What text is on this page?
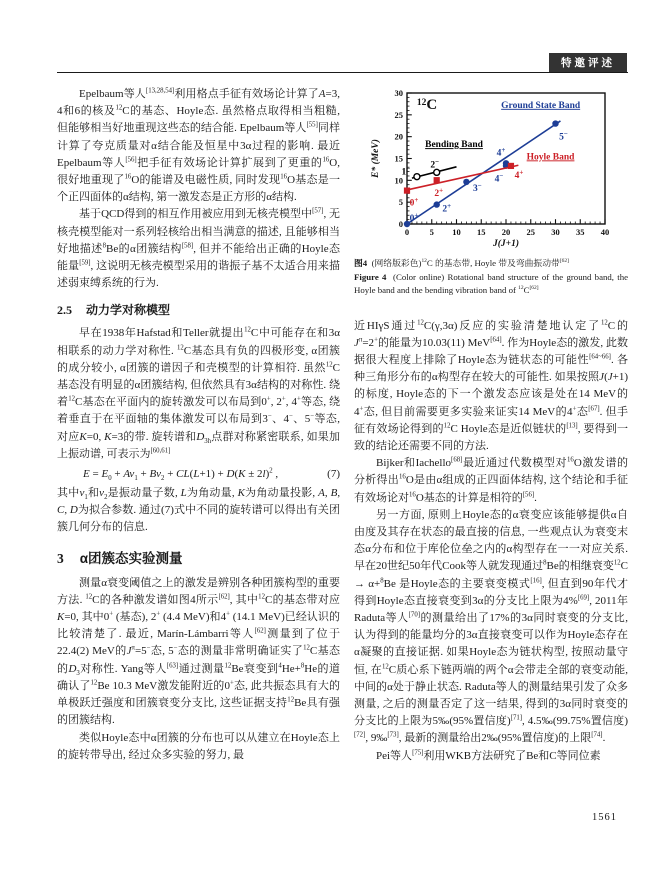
特邀评述

Epelbaum等人[13,28,54]利用格点手征有效场论计算了A=3, 4和6的核及$^{12}$C的基态、Hoyle态. 虽然格点取得相当粗糙, 但能够相当好地重现这些态的结合能. Epelbaum等人[55]同样计算了夸克质量对α结合能及恒星中3α过程的影响. 最近Epelbaum等人[56]把手征有效场论计算扩展到了更重的$^{16}$O, 很好地重现了$^{16}$O的能谱及电磁性质, 同时发现$^{16}$O基态是一个正四面体的α结构, 第一激发态是正方形的α结构.

基于QCD得到的相互作用被应用到无核壳模型中[57], 无核壳模型能对一系列轻核给出相当满意的描述, 且能够相当好地描述$^8$Be的α团簇结构[58], 但并不能给出正确的Hoyle态能量[59], 这说明无核壳模型采用的谐振子基不太适合用来描述弱束缚系统的行为.

2.5 动力学对称模型

早在1938年Hafstad和Teller就提出$^{12}$C中可能存在和3α相联系的动力学对称性. $^{12}$C基态具有负的四极形变, α团簇的成分较小, α团簇的谱因子和壳模型的计算相符. 虽然$^{12}$C基态没有明显的α团簇结构, 但依然具有3α结构的对称性. 绕着$^{12}$C基态在平面内的旋转激发可以布局到0+, 2+, 4+等态, 绕着垂直于在平面轴的集体激发可以布局到3−、4−、5−等态, 对应K=0, K=3的带. 旋转谱和$D_{3h}$点群对称紧密联系, 如果加上振动谱, 可表示为[60,61]

$E = E_0 + Av_1 + Bv_2 + CL(L+1) + D(K \pm 2l)^2$ ,	(7)

其中$v_1$和$v_2$是振动量子数, L为角动量, K为角动量投影, A, B, C, D为拟合参数. 通过(7)式中不同的旋转谱可以得出有关团簇几何分布的信息.

3 α团簇态实验测量

测量α衰变阈值之上的激发是辨别各种团簇构型的重要方法. $^{12}$C的各种激发谱如图4所示[62], 其中$^{12}$C的基态带对应K=0, 其中0+ (基态), 2+ (4.4 MeV)和4+ (14.1 MeV)已经认识的比较清楚了. 最近, Marín-Lámbarri等人[62]测量到了位于22.4(2) MeV的$J^\pi=5^-$态, 5−态的测量非常明确证实了$^{12}$C基态的$D_3$对称性. Yang等人[63]通过测量$^{12}$Be衰变到$^4$He+$^8$He的道确认了$^{12}$Be 10.3 MeV激发能附近的0+态, 此共振态具有大的单极跃迁强度和团簇衰变分支比, 这些证据支持$^{12}$Be具有强的团簇结构.

类似Hoyle态中α团簇的分布也可以从建立在Hoyle态上的旋转带导出, 经过众多实验的努力, 最

0 5 10 15 20 25 30 35 40
0
5
10
15
20
25
30
J(J+1)
E* (MeV)
0+
2+
3−
4+
4−
5−
0+
2+
4+
1− 2−
Ground State Band
Bending Band
Hoyle Band
12C
图4 (网络版彩色)$^{12}$C 的基态带, Hoyle 带及弯曲振动带[62]
Figure 4 (Color online) Rotational band structure of the ground band, the Hoyle band and the bending vibration band of $^{12}$C[62]

近HIγS通过$^{12}$C(γ,3α)反应的实验清楚地认定了$^{12}$C的$J^\pi=2^+$的能量为10.03(11) MeV[64]. 作为Hoyle态的激发, 此数据很大程度上排除了Hoyle态为链状态的可能性[64~66]. 各种三角形分布的α构型存在较大的可能性. 如果按照J(J+1)的标度, Hoyle态的下一个激发态应该是处在14 MeV的4+态, 但目前需要更多实验来证实14 MeV的4+态[67]. 但手征有效场论得到的$^{12}$C Hoyle态是近似链状的[13], 要得到一致的结论还需要不同的方法.

Bijker和Iachello[68]最近通过代数模型对$^{16}$O激发谱的分析得出$^{16}$O是由α组成的正四面体结构, 这个结论和手征有效场论对$^{16}$O基态的计算是相符的[56].

另一方面, 原则上Hoyle态的α衰变应该能够提供α自由度及其存在状态的最直接的信息, 一些观点认为衰变末态α分布和位于库伦位垒之内的α构型存在一一对应关系. 早在20世纪50年代Cook等人就发现通过$^8$Be的相继衰变$^{12}$C → α+$^8$Be 是Hoyle态的主要衰变模式[16], 但直到90年代才得到Hoyle态直接衰变到3α的分支比上限为4%[69], 2011年Raduta等人[70]的测量给出了17%的3α同时衰变的分支比, 认为得到的能量均分的3α直接衰变可以作为Hoyle态存在α凝聚的直接证据. 如果Hoyle态为链状构型, 按照动量守恒, 在$^{12}$C质心系下链两端的两个α会带走全部的衰变动能, 中间的α处于静止状态. Raduta等人的测量结果引发了众多测量, 之后的测量否定了这一结果, 得到的3α同时衰变的分支比的上限为5‰(95%置信度)[71], 4.5‰(99.75%置信度)[72], 9‰[73], 最新的测量给出2‰(95%置信度)的上限[74].

Pei等人[75]利用WKB方法研究了Be和C等同位素

1561
